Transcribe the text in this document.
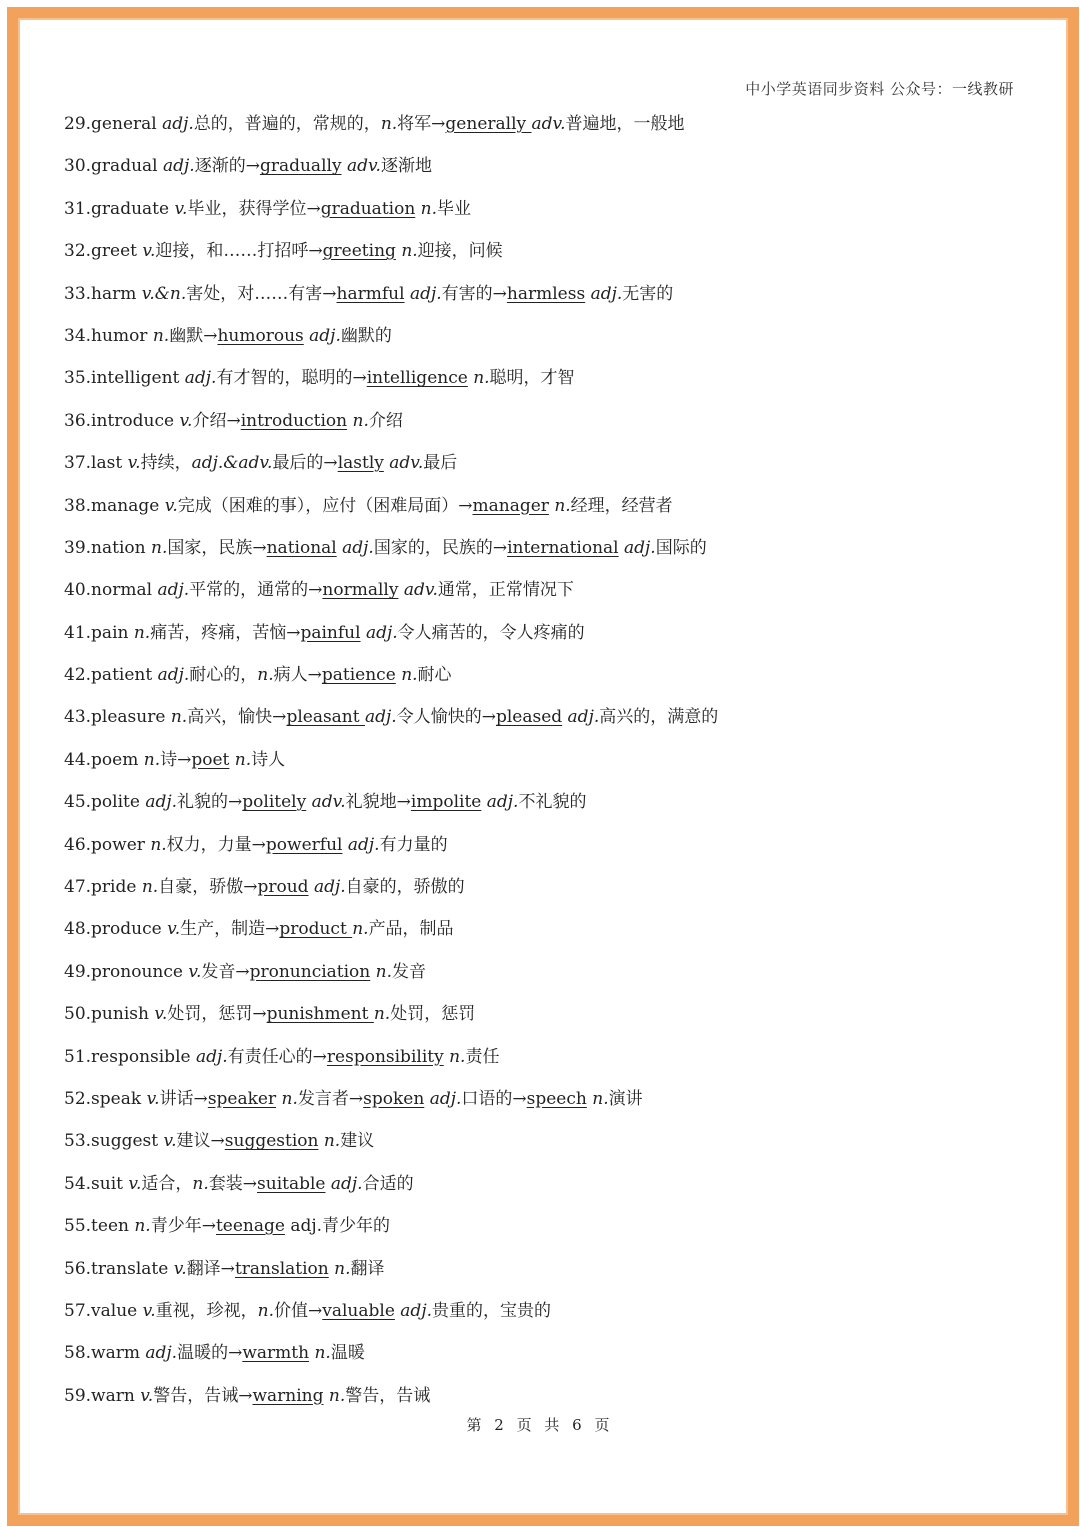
中小学英语同步资料 公众号：一线教研
29.general adj.总的，普遍的，常规的，n.将军→generally adv.普遍地，一般地
30.gradual adj.逐渐的→gradually adv.逐渐地
31.graduate v.毕业，获得学位→graduation n.毕业
32.greet v.迎接，和……打招呼→greeting n.迎接，问候
33.harm v.&n.害处，对……有害→harmful adj.有害的→harmless adj.无害的
34.humor n.幽默→humorous adj.幽默的
35.intelligent adj.有才智的，聪明的→intelligence n.聪明，才智
36.introduce v.介绍→introduction n.介绍
37.last v.持续，adj.&adv.最后的→lastly adv.最后
38.manage v.完成（困难的事），应付（困难局面）→manager n.经理，经营者
39.nation n.国家，民族→national adj.国家的，民族的→international adj.国际的
40.normal adj.平常的，通常的→normally adv.通常，正常情况下
41.pain n.痛苦，疼痛，苦恼→painful adj.令人痛苦的，令人疼痛的
42.patient adj.耐心的，n.病人→patience n.耐心
43.pleasure n.高兴，愉快→pleasant adj.令人愉快的→pleased adj.高兴的，满意的
44.poem n.诗→poet n.诗人
45.polite adj.礼貌的→politely adv.礼貌地→impolite adj.不礼貌的
46.power n.权力，力量→powerful adj.有力量的
47.pride n.自豪，骄傲→proud adj.自豪的，骄傲的
48.produce v.生产，制造→product n.产品，制品
49.pronounce v.发音→pronunciation n.发音
50.punish v.处罚，惩罚→punishment n.处罚，惩罚
51.responsible adj.有责任心的→responsibility n.责任
52.speak v.讲话→speaker n.发言者→spoken adj.口语的→speech n.演讲
53.suggest v.建议→suggestion n.建议
54.suit v.适合，n.套装→suitable adj.合适的
55.teen n.青少年→teenage adj.青少年的
56.translate v.翻译→translation n.翻译
57.value v.重视，珍视，n.价值→valuable adj.贵重的，宝贵的
58.warm adj.温暖的→warmth n.温暖
59.warn v.警告，告诫→warning n.警告，告诫
第 2 页 共 6 页
